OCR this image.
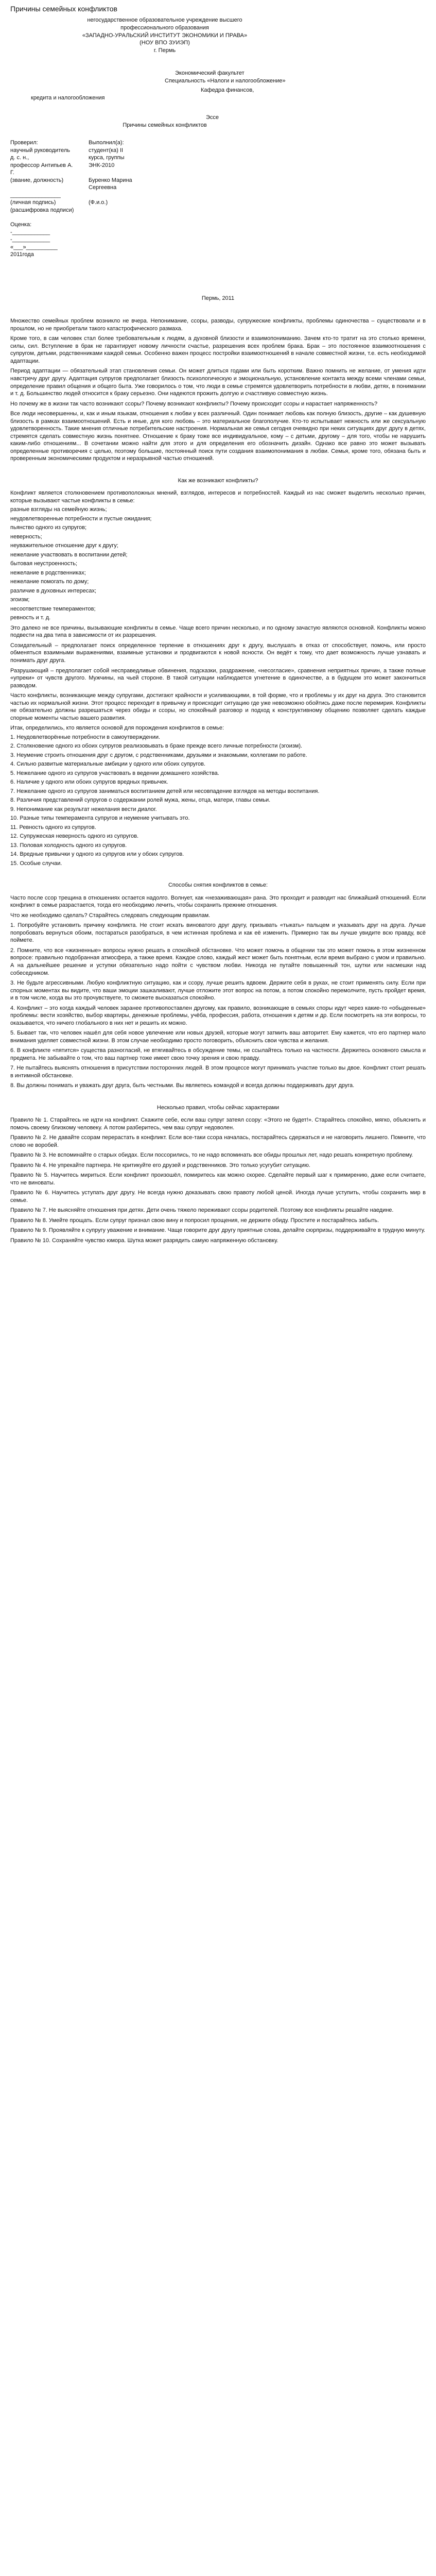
Причины семейных конфликтов

негосударственное образовательное учреждение высшего

профессионального образования

«ЗАПАДНО-УРАЛЬСКИЙ ИНСТИТУТ ЭКОНОМИКИ И ПРАВА»

(НОУ ВПО ЗУИЭП)

г. Пермь

Экономический факультет

Специальность «Налоги и налогообложение»

Кафедра финансов,

кредита и налогообложения

Эссе

Причины семейных конфликтов

Проверил:		Выполнил(а):
научный руководитель		студент(ка) II
д. с. н.,		курса, группы
профессор Антипьев А. Г.		ЭНК-2010
(звание, должность)		Буренко Марина
		Сергеевна
________________		
(личная подпись)		(Ф.и.о.)
(расшифровка подписи)		

Оценка:

-____________

-____________

«___»__________

2011года

Пермь, 2011

Множество семейных проблем возникло не вчера. Непонимание, ссоры, разводы, супружеские конфликты, проблемы одиночества – существовали и в прошлом, но не приобретали такого катастрофического размаха.

Кроме того, в сам человек стал более требовательным к людям, а духовной близости и взаимопониманию. Зачем кто-то тратит на это столько времени, силы, сил. Вступление в брак не гарантирует новому личности счастье, разрешения всех проблем брака. Брак – это постоянное взаимоотношения с супругом, детьми, родственниками каждой семьи. Особенно важен процесс постройки взаимоотношений в начале совместной жизни, т.е. есть необходимой адаптации.

Период адаптации — обязательный этап становления семьи. Он может длиться годами или быть коротким. Важно помнить не желание, от умения идти навстречу друг другу. Адаптация супругов предполагает близость психологическую и эмоциональную, установление контакта между всеми членами семьи, определение правил общения и общего быта. Уже говорилось о том, что люди в семье стремятся удовлетворить потребности в любви, детях, в понимании и т. д. Большинство людей относится к браку серьезно. Они надеются прожить долгую и счастливую совместную жизнь.

Но почему же в жизни так часто возникают ссоры? Почему возникают конфликты? Почему происходит ссоры и нарастает напряженность?

Все люди несовершенны, и, как и иным языкам, отношения к любви у всех различный. Один понимает любовь как полную близость, другие – как душевную близость в рамках взаимоотношений. Есть и иные, для кого любовь – это материальное благополучие. Кто-то испытывает нежность или же сексуальную удовлетворенность. Такие мнения отличные потребительские настроения. Нормальная же семья сегодня очевидно при неких ситуациях друг другу в детях, стремятся сделать совместную жизнь понятнее. Отношение к браку тоже все индивидуальное, кому – с детьми, другому – для того, чтобы не нарушить каким-либо отношениям... В сочетании можно найти для этого и для определения его обозначить дизайн. Однако все равно это может вызывать определенные противоречия с целью, поэтому большие, постоянный поиск пути создания взаимопонимания в любви. Семья, кроме того, обязана быть и проверенным экономическими продуктом и неразрывной частью отношений.

Как же возникают конфликты?

Конфликт является столкновением противоположных мнений, взглядов, интересов и потребностей. Каждый из нас сможет выделить несколько причин, которые вызывают частые конфликты в семье:

разные взгляды на семейную жизнь;

неудовлетворенные потребности и пустые ожидания;

пьянство одного из супругов;

неверность;

неуважительное отношение друг к другу;

нежелание участвовать в воспитании детей;

бытовая неустроенность;

нежелание в родственниках;

нежелание помогать по дому;

различие в духовных интересах;

эгоизм;

несоответствие темпераментов;

ревность и т. д.

Это далеко не все причины, вызывающие конфликты в семье. Чаще всего причин несколько, и по одному зачастую являются основной. Конфликты можно подвести на два типа в зависимости от их разрешения.

Созидательный – предполагает поиск определенное терпение в отношениях друг к другу, выслушать в отказ от способствует, помочь, или просто обменяться взаимными выражениями, взаимные установки и продвигаются к новой ясности. Он ведёт к тому, что дает возможность лучше узнавать и понимать друг друга.

Разрушающий – предполагает собой несправедливые обвинения, подсказки, раздражение, «несогласие», сравнения неприятных причин, а также полные «упреки» от чувств другого. Мужчины, на чьей стороне. В такой ситуации наблюдается угнетение в одиночестве, а в будущем это может закончиться разводом.

Часто конфликты, возникающие между супругами, достигают крайности и усиливающими, в той форме, что и проблемы у их друг на друга. Это становится частью их нормальной жизни. Этот процесс переходит в привычку и происходит ситуацию где уже невозможно обойтись даже после перемирия. Конфликты не обязательно должны разрешаться через обиды и ссоры, но спокойный разговор и подход к конструктивному общению позволяет сделать каждые спорные моменты частью вашего развития.

Итак, определились, кто является основой для порождения конфликтов в семье:

1. Неудовлетворённые потребности в самоутверждении.

2. Столкновение одного из обоих супругов реализовывать в браке прежде всего личные потребности (эгоизм).

3. Неумение строить отношения друг с другом, с родственниками, друзьями и знакомыми, коллегами по работе.

4. Сильно развитые материальные амбиции у одного или обоих супругов.

5. Нежелание одного из супругов участвовать в ведении домашнего хозяйства.

6. Наличие у одного или обоих супругов вредных привычек.

7. Нежелание одного из супругов заниматься воспитанием детей или несовпадение взглядов на методы воспитания.

8. Различия представлений супругов о содержании ролей мужа, жены, отца, матери, главы семьи.

9. Непонимание как результат нежелания вести диалог.

10. Разные типы темперамента супругов и неумение учитывать это.

11. Ревность одного из супругов.

12. Супружеская неверность одного из супругов.

13. Половая холодность одного из супругов.

14. Вредные привычки у одного из супругов или у обоих супругов.

15. Особые случаи.

Способы снятия конфликтов в семье:

Часто после ссор трещина в отношениях остается надолго. Волнует, как «незаживающая» рана. Это проходит и разводит нас ближайший отношений. Если конфликт в семье разрастается, тогда его необходимо лечить, чтобы сохранить прежние отношения.

Что же необходимо сделать? Старайтесь следовать следующим правилам.

1. Попробуйте установить причину конфликта. Не стоит искать виноватого друг другу, призывать «тыкать» пальцем и указывать друг на друга. Лучше попробовать вернуться обоим, постараться разобраться, в чем истинная проблема и как её изменить. Примерно так вы лучше увидите всю правду, всё поймете.

2. Помните, что все «жизненные» вопросы нужно решать в спокойной обстановке. Что может помочь в общении так это может помочь в этом жизненном вопросе: правильно подобранная атмосфера, а также время. Каждое слово, каждый жест может быть понятным, если время выбрано с умом и правильно. А на дальнейшее решение и уступки обязательно надо пойти с чувством любви. Никогда не путайте повышенный тон, шутки или насмешки над собеседником.

3. Не будьте агрессивными. Любую конфликтную ситуацию, как и ссору, лучше решить вдвоем. Держите себя в руках, не стоит применять силу. Если при спорных моментах вы видите, что ваши эмоции зашкаливают, лучше отложите этот вопрос на потом, а потом спокойно перемолчите, пусть пройдет время, и в том числе, когда вы это прочувствуете, то сможете высказаться спокойно.

4. Конфликт – это когда каждый человек заранее противопоставлен другому, как правило, возникающие в семьях споры идут через какие-то «обыденные» проблемы: вести хозяйство, выбор квартиры, денежные проблемы, учёба, профессия, работа, отношения к детям и др. Если посмотреть на эти вопросы, то оказывается, что ничего глобального в них нет и решить их можно.

5. Бывает так, что человек нашёл для себя новое увлечение или новых друзей, которые могут затмить ваш авторитет. Ему кажется, что его партнер мало внимания уделяет совместной жизни. В этом случае необходимо просто поговорить, объяснить свои чувства и желания.

6. В конфликте «пятится» существа разногласий, не втягивайтесь в обсуждение темы, не ссылайтесь только на частности. Держитесь основного смысла и предмета. Не забывайте о том, что ваш партнер тоже имеет свою точку зрения и свою правду.

7. Не пытайтесь выяснять отношения в присутствии посторонних людей. В этом процессе могут принимать участие только вы двое. Конфликт стоит решать в интимной обстановке.

8. Вы должны понимать и уважать друг друга, быть честными. Вы являетесь командой и всегда должны поддерживать друг друга.

Несколько правил, чтобы сейчас характерами

Правило № 1. Старайтесь не идти на конфликт. Скажите себе, если ваш супруг затеял ссору: «Этого не будет!». Старайтесь спокойно, мягко, объяснить и помочь своему близкому человеку. А потом разберитесь, чем ваш супруг недоволен.

Правило № 2. Не давайте ссорам перерастать в конфликт. Если все-таки ссора началась, постарайтесь сдержаться и не наговорить лишнего. Помните, что слово не воробей.

Правило № 3. Не вспоминайте о старых обидах. Если поссорились, то не надо вспоминать все обиды прошлых лет, надо решать конкретную проблему.

Правило № 4. Не упрекайте партнера. Не критикуйте его друзей и родственников. Это только усугубит ситуацию.

Правило № 5. Научитесь мириться. Если конфликт произошёл, помиритесь как можно скорее. Сделайте первый шаг к примирению, даже если считаете, что не виноваты.

Правило № 6. Научитесь уступать друг другу. Не всегда нужно доказывать свою правоту любой ценой. Иногда лучше уступить, чтобы сохранить мир в семье.

Правило № 7. Не выясняйте отношения при детях. Дети очень тяжело переживают ссоры родителей. Поэтому все конфликты решайте наедине.

Правило № 8. Умейте прощать. Если супруг признал свою вину и попросил прощения, не держите обиду. Простите и постарайтесь забыть.

Правило № 9. Проявляйте к супругу уважение и внимание. Чаще говорите друг другу приятные слова, делайте сюрпризы, поддерживайте в трудную минуту.

Правило № 10. Сохраняйте чувство юмора. Шутка может разрядить самую напряженную обстановку.
